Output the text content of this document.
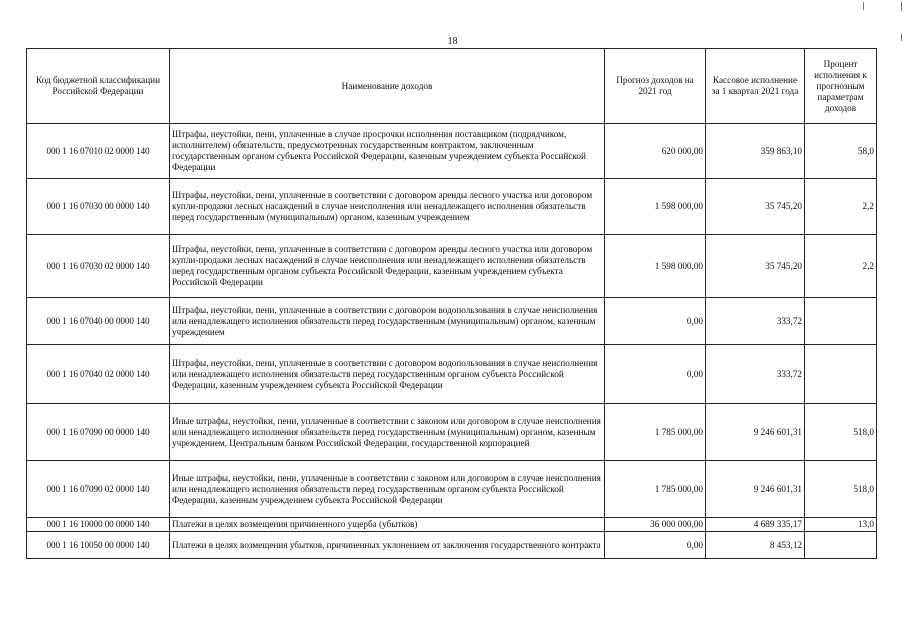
18
Код бюджетной классификации Российской Федерации	Наименование доходов	Прогноз доходов на 2021 год	Кассовое исполнение за 1 квартал 2021 года	Процент исполнения к прогнозным параметрам доходов
000 1 16 07010 02 0000 140	Штрафы, неустойки, пени, уплаченные в случае просрочки исполнения поставщиком (подрядчиком, исполнителем) обязательств, предусмотренных государственным контрактом, заключенным государственным органом субъекта Российской Федерации, казенным учреждением субъекта Российской Федерации	620 000,00	359 863,10	58,0
000 1 16 07030 00 0000 140	Штрафы, неустойки, пени, уплаченные в соответствии с договором аренды лесного участка или договором купли-продажи лесных насаждений в случае неисполнения или ненадлежащего исполнения обязательств перед государственным (муниципальным) органом, казенным учреждением	1 598 000,00	35 745,20	2,2
000 1 16 07030 02 0000 140	Штрафы, неустойки, пени, уплаченные в соответствии с договором аренды лесного участка или договором купли-продажи лесных насаждений в случае неисполнения или ненадлежащего исполнения обязательств перед государственным органом субъекта Российской Федерации, казенным учреждением субъекта Российской Федерации	1 598 000,00	35 745,20	2,2
000 1 16 07040 00 0000 140	Штрафы, неустойки, пени, уплаченные в соответствии с договором водопользования в случае неисполнения или ненадлежащего исполнения обязательств перед государственным (муниципальным) органом, казенным учреждением	0,00	333,72	
000 1 16 07040 02 0000 140	Штрафы, неустойки, пени, уплаченные в соответствии с договором водопользования в случае неисполнения или ненадлежащего исполнения обязательств перед государственным органом субъекта Российской Федерации, казенным учреждением субъекта Российской Федерации	0,00	333,72	
000 1 16 07090 00 0000 140	Иные штрафы, неустойки, пени, уплаченные в соответствии с законом или договором в случае неисполнения или ненадлежащего исполнения обязательств перед государственным (муниципальным) органом, казенным учреждением, Центральным банком Российской Федерации, государственной корпорацией	1 785 000,00	9 246 601,31	518,0
000 1 16 07090 02 0000 140	Иные штрафы, неустойки, пени, уплаченные в соответствии с законом или договором в случае неисполнения или ненадлежащего исполнения обязательств перед государственным органом субъекта Российской Федерации, казенным учреждением субъекта Российской Федерации	1 785 000,00	9 246 601,31	518,0
000 1 16 10000 00 0000 140	Платежи в целях возмещения причиненного ущерба (убытков)	36 000 000,00	4 689 335,17	13,0
000 1 16 10050 00 0000 140	Платежи в целях возмещения убытков, причиненных уклонением от заключения государственного контракта	0,00	8 453,12	
